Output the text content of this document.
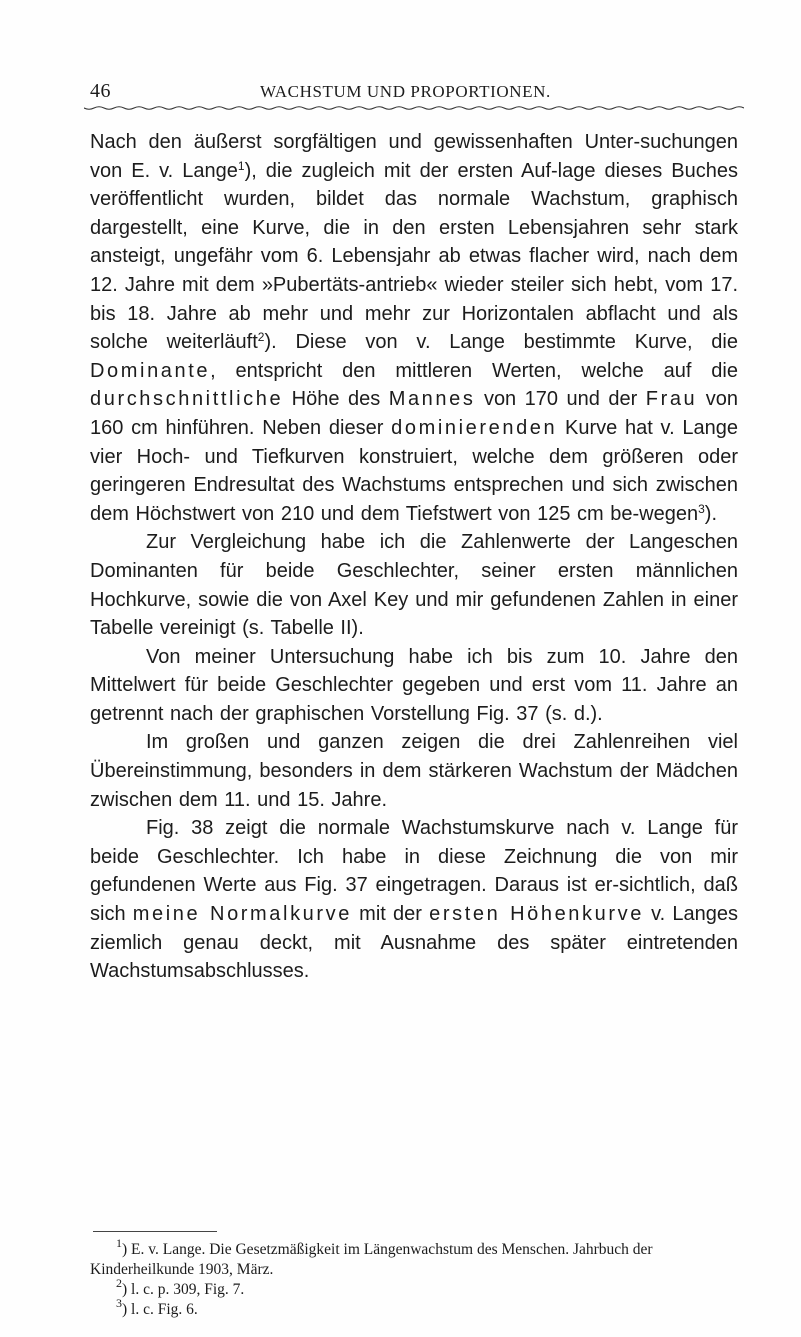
46	WACHSTUM UND PROPORTIONEN.

Nach den äußerst sorgfältigen und gewissenhaften Unter-suchungen von E. v. Lange$^1$), die zugleich mit der ersten Auf-lage dieses Buches veröffentlicht wurden, bildet das normale Wachstum, graphisch dargestellt, eine Kurve, die in den ersten Lebensjahren sehr stark ansteigt, ungefähr vom 6. Lebensjahr ab etwas flacher wird, nach dem 12. Jahre mit dem »Pubertäts-antrieb« wieder steiler sich hebt, vom 17. bis 18. Jahre ab mehr und mehr zur Horizontalen abflacht und als solche weiterläuft$^2$). Diese von v. Lange bestimmte Kurve, die Dominante, entspricht den mittleren Werten, welche auf die durchschnittliche Höhe des Mannes von 170 und der Frau von 160 cm hinführen. Neben dieser dominierenden Kurve hat v. Lange vier Hoch- und Tiefkurven konstruiert, welche dem größeren oder geringeren Endresultat des Wachstums entsprechen und sich zwischen dem Höchstwert von 210 und dem Tiefstwert von 125 cm be-wegen$^3$).

Zur Vergleichung habe ich die Zahlenwerte der Langeschen Dominanten für beide Geschlechter, seiner ersten männlichen Hochkurve, sowie die von Axel Key und mir gefundenen Zahlen in einer Tabelle vereinigt (s. Tabelle II).

Von meiner Untersuchung habe ich bis zum 10. Jahre den Mittelwert für beide Geschlechter gegeben und erst vom 11. Jahre an getrennt nach der graphischen Vorstellung Fig. 37 (s. d.).

Im großen und ganzen zeigen die drei Zahlenreihen viel Übereinstimmung, besonders in dem stärkeren Wachstum der Mädchen zwischen dem 11. und 15. Jahre.

Fig. 38 zeigt die normale Wachstumskurve nach v. Lange für beide Geschlechter. Ich habe in diese Zeichnung die von mir gefundenen Werte aus Fig. 37 eingetragen. Daraus ist er-sichtlich, daß sich meine Normalkurve mit der ersten Höhenkurve v. Langes ziemlich genau deckt, mit Ausnahme des später eintretenden Wachstumsabschlusses.

$^1$) E. v. Lange. Die Gesetzmäßigkeit im Längenwachstum des Menschen. Jahrbuch der Kinderheilkunde 1903, März.

$^2$) l. c. p. 309, Fig. 7.

$^3$) l. c. Fig. 6.
